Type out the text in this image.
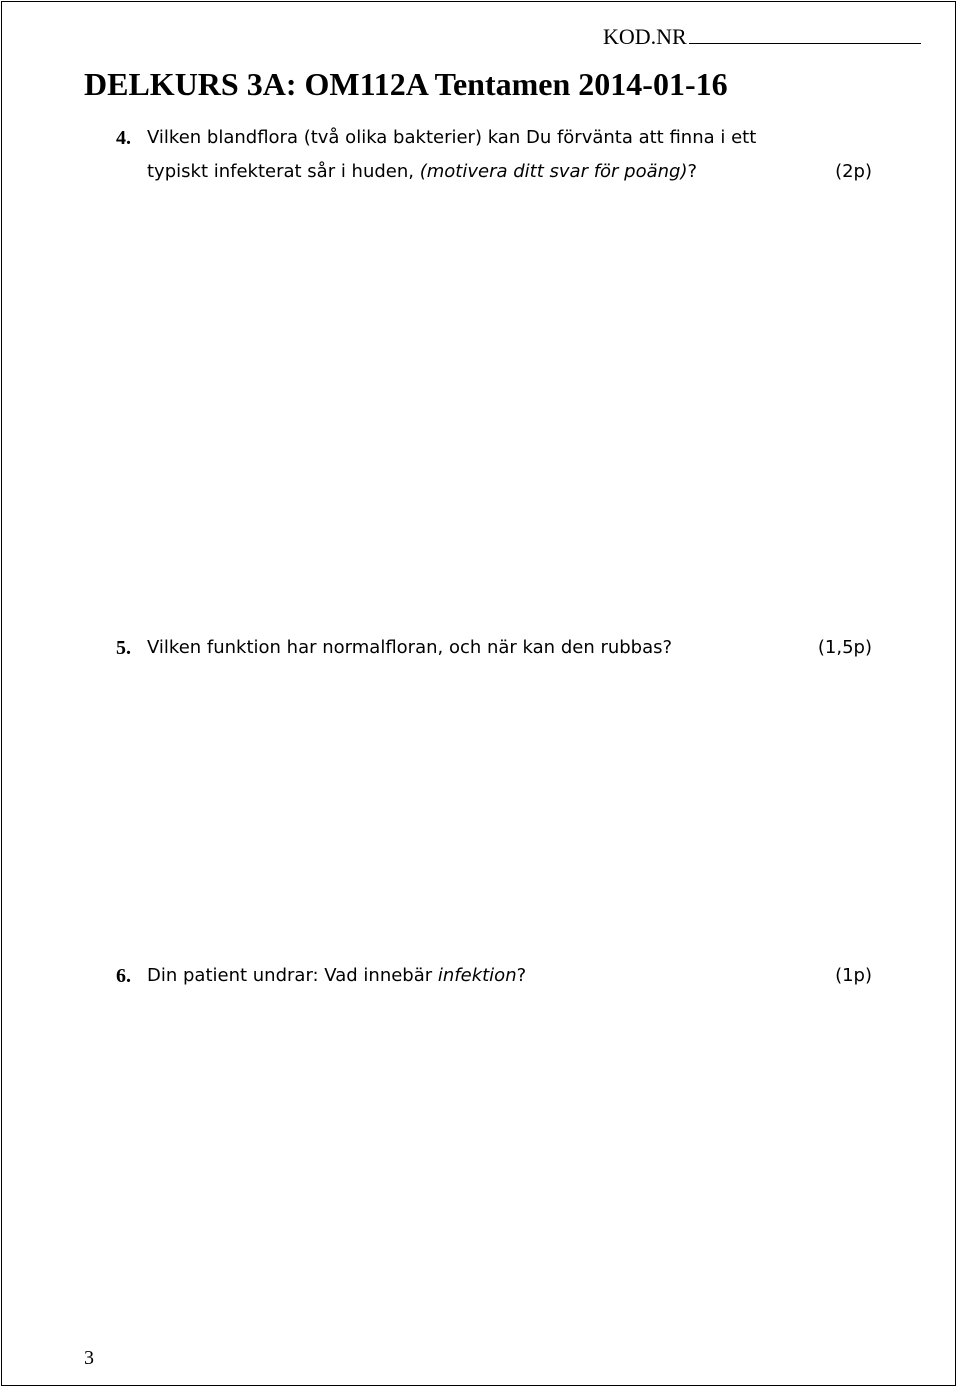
KOD.NR
DELKURS 3A: OM112A Tentamen 2014-01-16
4. Vilken blandflora (två olika bakterier) kan Du förvänta att finna i ett
typiskt infekterat sår i huden, (motivera ditt svar för poäng)?	(2p)
5. Vilken funktion har normalfloran, och när kan den rubbas?	(1,5p)
6. Din patient undrar: Vad innebär infektion?	(1p)
3
